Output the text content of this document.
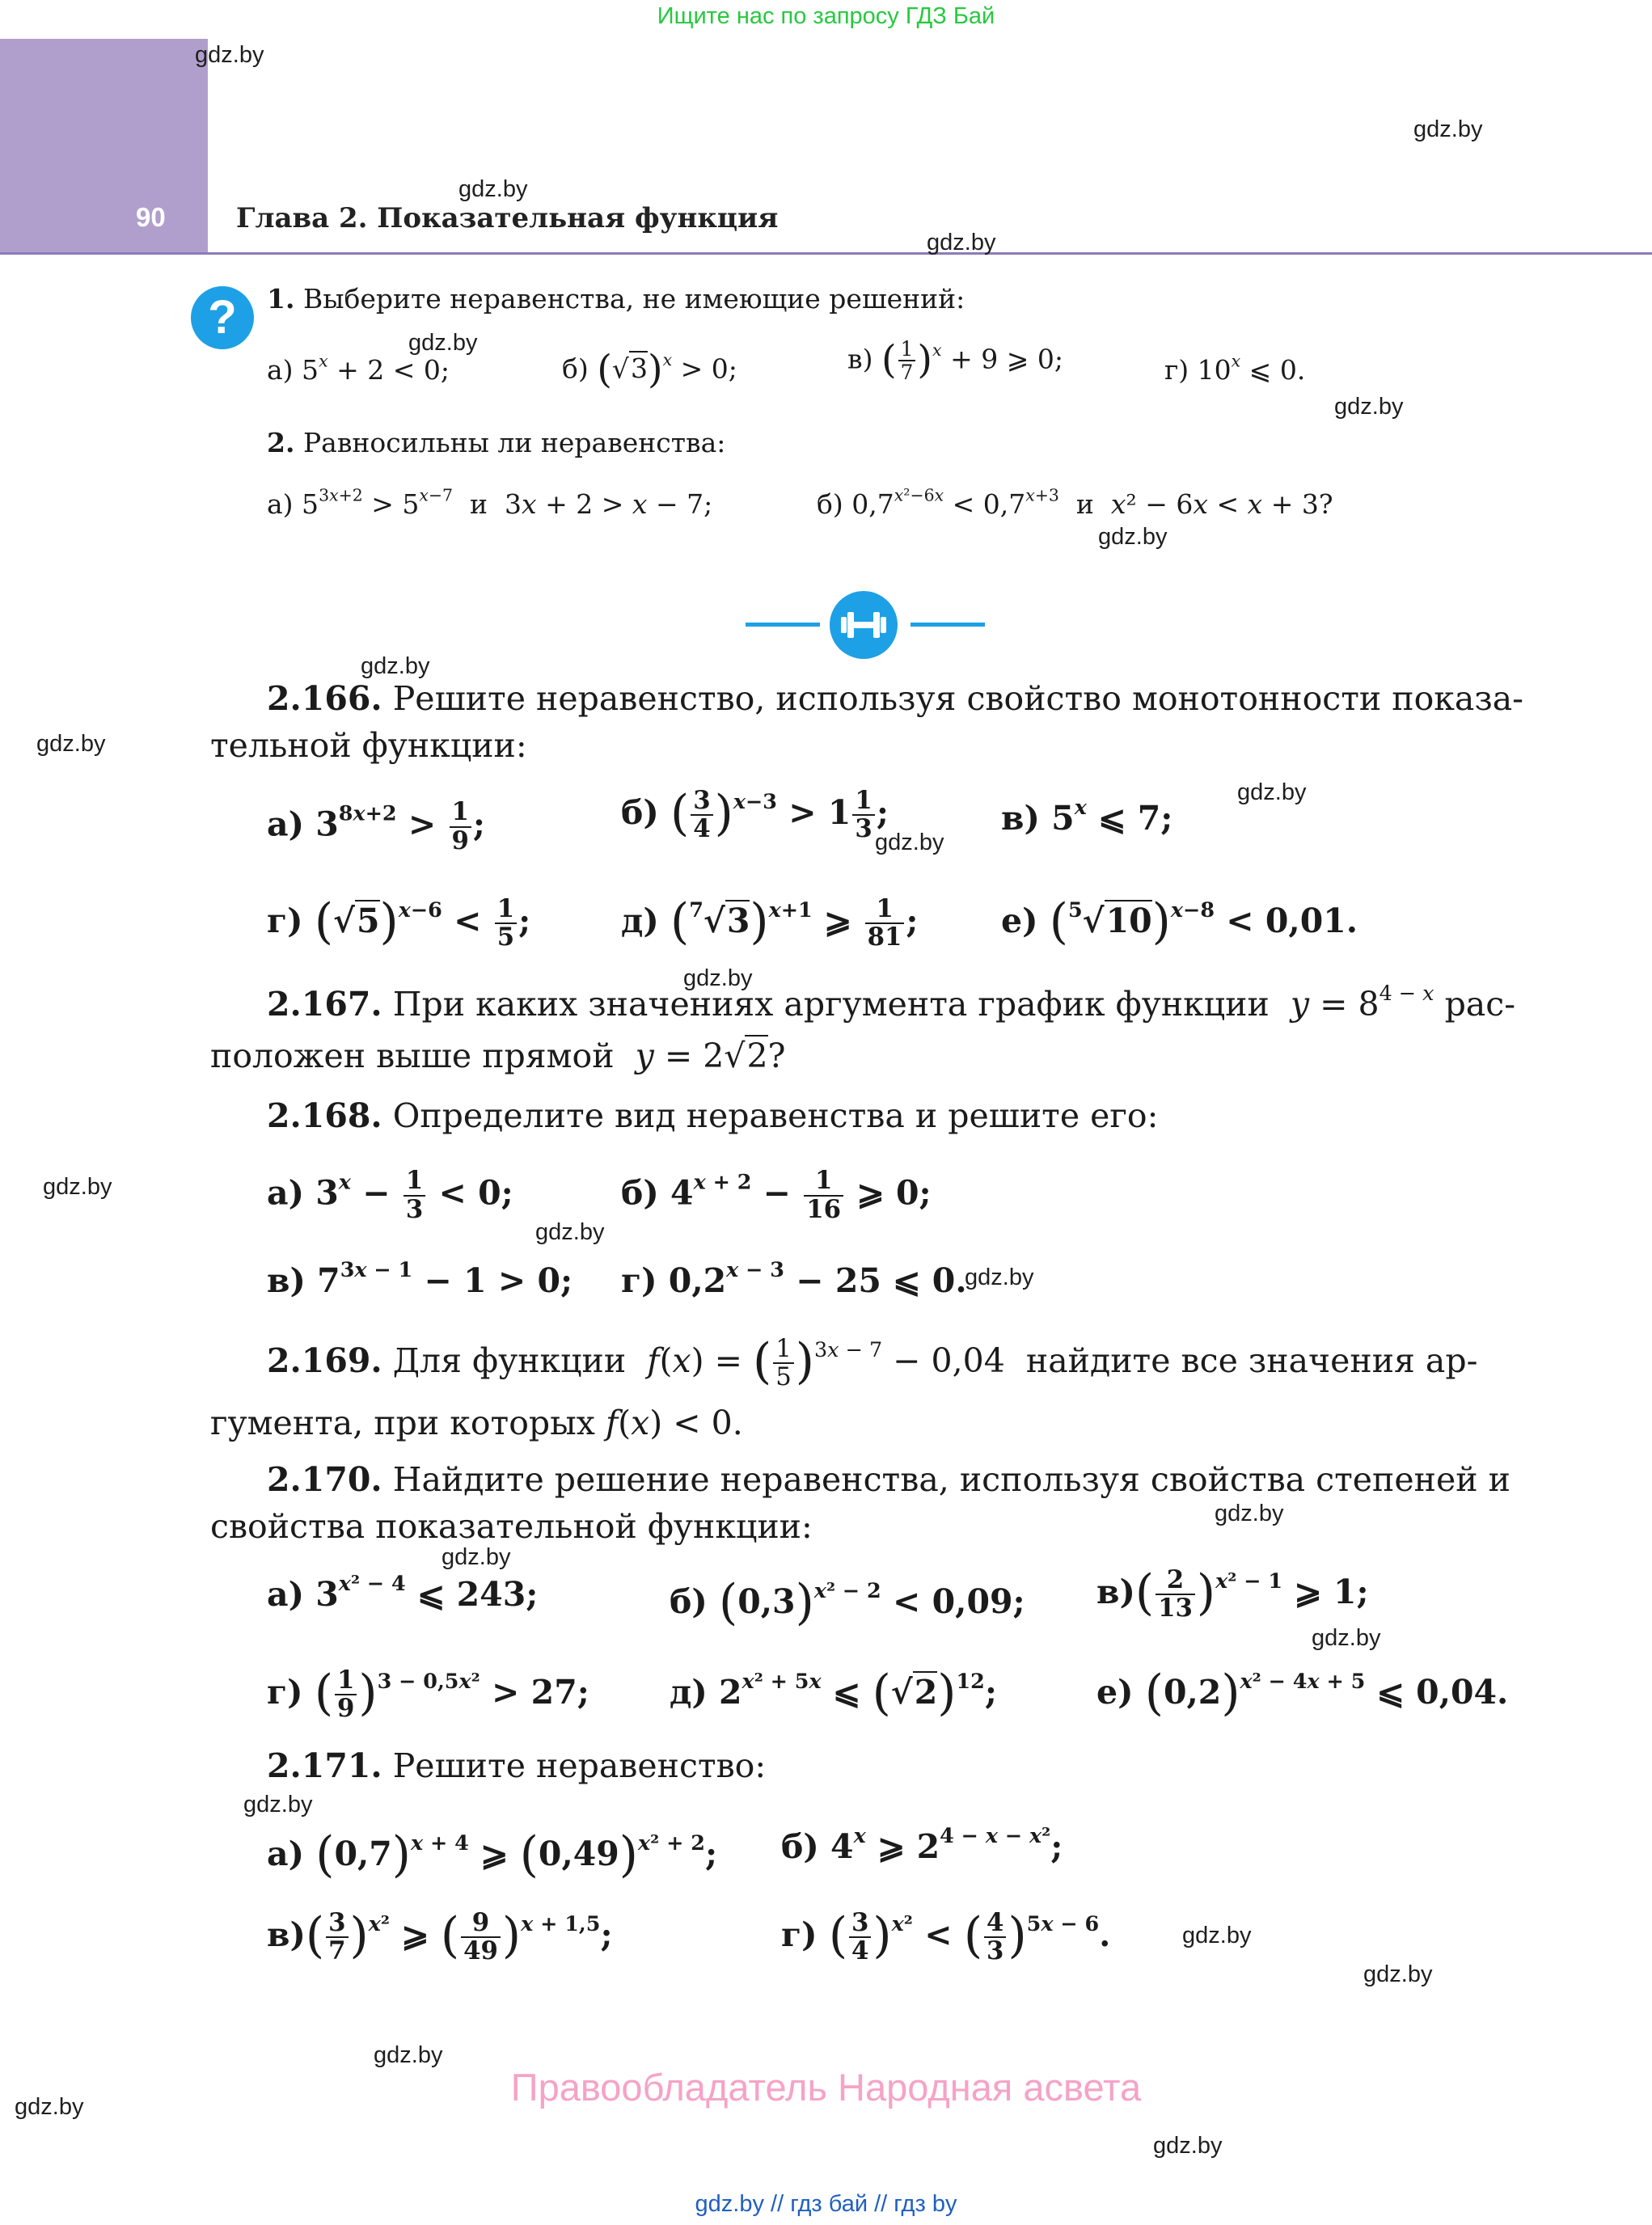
Ищите нас по запросу ГДЗ Бай
90	Глава 2. Показательная функция
gdz.by
gdz.by
gdz.by
gdz.by
gdz.by
gdz.by
gdz.by
gdz.by
gdz.by
gdz.by
gdz.by
gdz.by
gdz.by
gdz.by
gdz.by
gdz.by
gdz.by
gdz.by
gdz.by
gdz.by
gdz.by
gdz.by
gdz.by
gdz.by
?	1. Выберите неравенства, не имеющие решений:
а) $5^x + 2 < 0$;	б) $(√3)^x > 0$;	в) ( $\frac{1}{7} )^x + 9$ ⩾ 0;	г) 10$^x$ ⩽ 0.
2. Равносильны ли неравенства:
а) $5^{3x+2} > 5^{x-7}$ и  3x + 2 > x − 7;	б) $0,7^{x^2-6x} < 0,7^{x+3}$ и x² − 6x < x + 3?
2.166. Решите неравенство, используя свойство монотонности показа-
тельной функции:
а) $3^{8x+2} > \frac{1}{9}$ ;	б) ( $\frac{3}{4} )^{x-3} > 1 \frac{1}{3}$ ;	в) 5$^x$ ⩽ 7;
г) $(√5)^{x-6} < \frac{1}{5}$ ;	д) $(^7√3)^{x+1}$ ⩾ $\frac{1}{81}$ ; е) $(^5√10)^{x-8} < 0,01$.
2.167. При каких значениях аргумента график функции $y = 8^{4 - x}$ рас-
положен выше прямой y = 2√2?
2.168. Определите вид неравенства и решите его:
а) $3^x - \frac{1}{3} < 0$;	б) $4^{x + 2} - \frac{1}{16}$ ⩾ 0;
в) $7^{3x - 1} - 1 > 0$; г) $0,2^{x - 3} - 25$ ⩽ 0.
2.169. Для функции f(x) = ( $\frac{1}{5} )^{3x - 7} - 0,04$  найдите все значения ар-
гумента, при которых f(x) < 0.
2.170. Найдите решение неравенства, используя свойства степеней и
свойства показательной функции:
а) $3^{x^2 - 4}$ ⩽ 243;	б) $(0,3)^{x^2 - 2} < 0,09$; $в)( \frac{2}{13} )^{x^2 - 1}$ ⩾ 1;
г) ( $\frac{1}{9} )^{3 - 0,5x^2} > 27$; д) $2^{x^2 + 5x}$ ⩽ $(√2)^{12}$;	е) $(0,2)^{x^2 - 4x + 5}$ ⩽ 0,04.
2.171. Решите неравенство:
а) $(0,7)^{x + 4}$ ⩾ $(0,49)^{x^2 + 2}$; б) 4$^x$ ⩾ $2^{4 - x - x^2}$;
$в)( \frac{3}{7} )^{x^2}$ ⩾ ( $\frac{9}{49} )^{x + 1,5}$;	г) ( $\frac{3}{4} )^{x^2}$ < ( $\frac{4}{3} )^{5x - 6}$.
Правообладатель Народная асвета
gdz.by // гдз бай // гдз by
